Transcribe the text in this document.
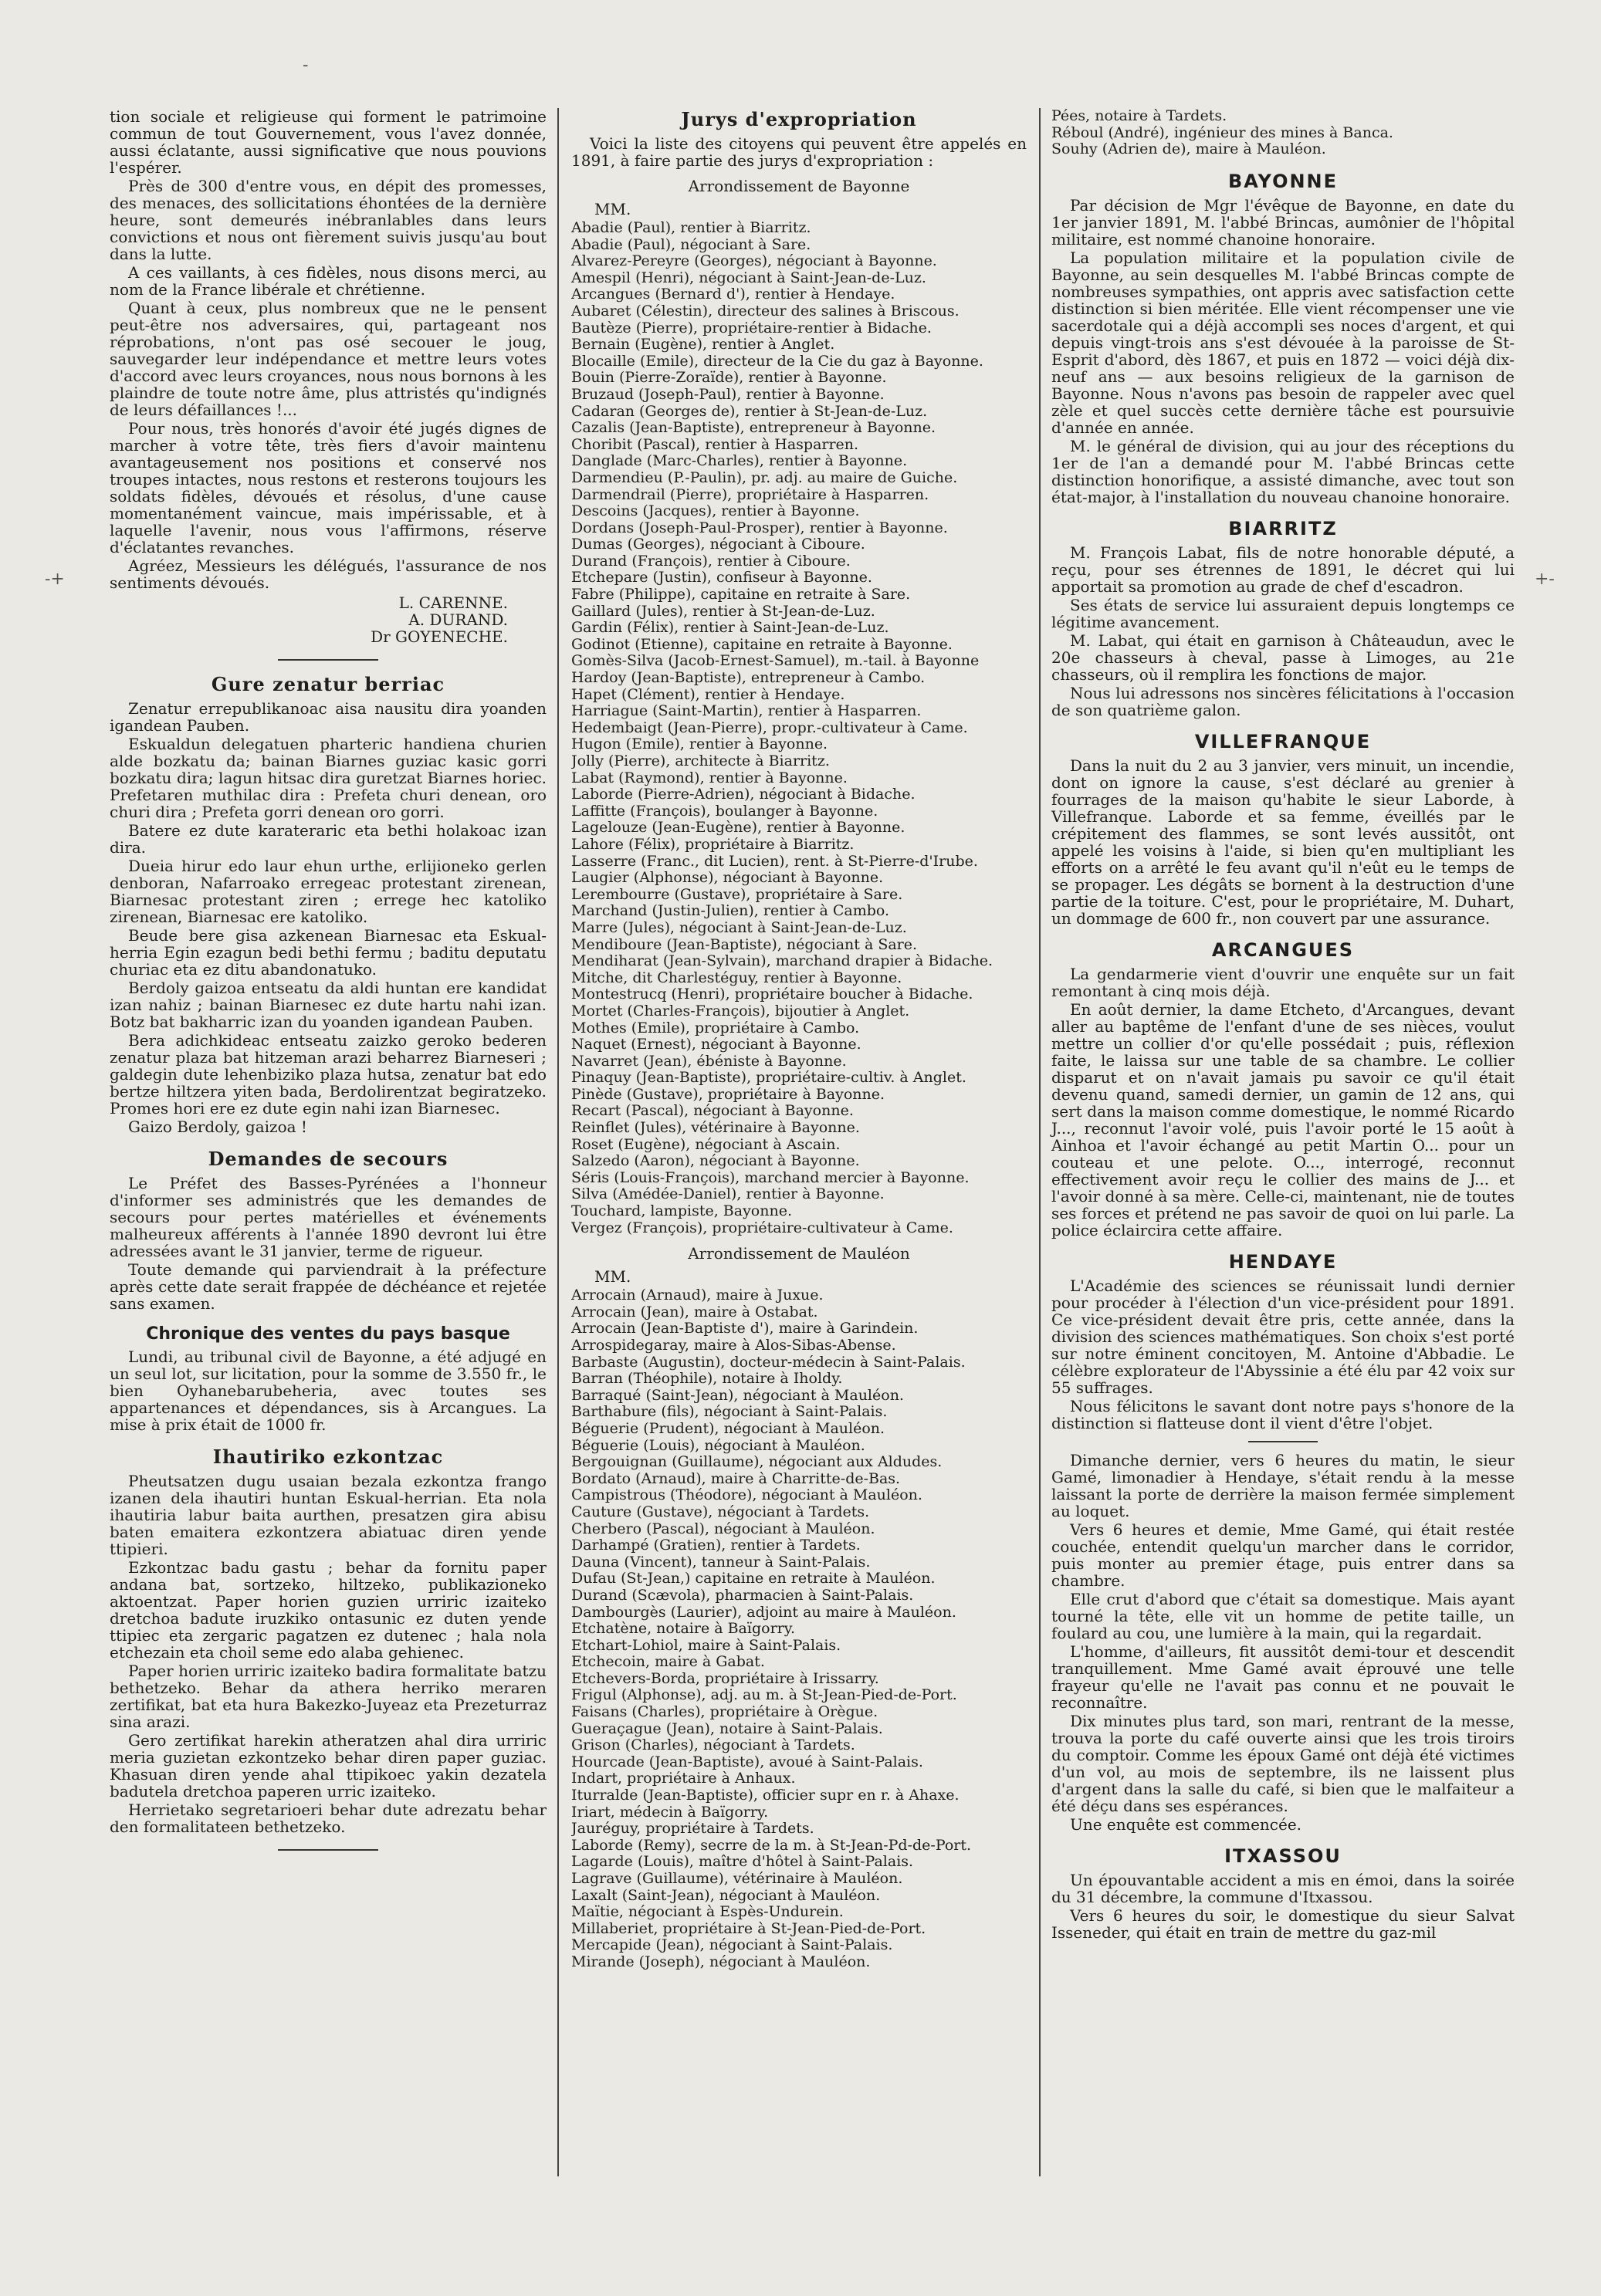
-
-+	+-

tion sociale et religieuse qui forment le patrimoine commun de tout Gouvernement, vous l'avez donnée, aussi éclatante, aussi significative que nous pouvions l'espérer.

Près de 300 d'entre vous, en dépit des promesses, des menaces, des sollicitations éhontées de la dernière heure, sont demeurés inébranlables dans leurs convictions et nous ont fièrement suivis jusqu'au bout dans la lutte.

A ces vaillants, à ces fidèles, nous disons merci, au nom de la France libérale et chrétienne.

Quant à ceux, plus nombreux que ne le pensent peut-être nos adversaires, qui, partageant nos réprobations, n'ont pas osé secouer le joug, sauvegarder leur indépendance et mettre leurs votes d'accord avec leurs croyances, nous nous bornons à les plaindre de toute notre âme, plus attristés qu'indignés de leurs défaillances !...

Pour nous, très honorés d'avoir été jugés dignes de marcher à votre tête, très fiers d'avoir maintenu avantageusement nos positions et conservé nos troupes intactes, nous restons et resterons toujours les soldats fidèles, dévoués et résolus, d'une cause momentanément vaincue, mais impérissable, et à laquelle l'avenir, nous vous l'affirmons, réserve d'éclatantes revanches.

Agréez, Messieurs les délégués, l'assurance de nos sentiments dévoués.

L. CARENNE.
A. DURAND.
Dr GOYENECHE.
Gure zenatur berriac

Zenatur errepublikanoac aisa nausitu dira yoanden igandean Pauben.

Eskualdun delegatuen pharteric handiena churien alde bozkatu da; bainan Biarnes guziac kasic gorri bozkatu dira; lagun hitsac dira guretzat Biarnes horiec. Prefetaren muthilac dira : Prefeta churi denean, oro churi dira ; Prefeta gorri denean oro gorri.

Batere ez dute karateraric eta bethi holakoac izan dira.

Dueia hirur edo laur ehun urthe, erlijioneko gerlen denboran, Nafarroako erregeac protestant zirenean, Biarnesac protestant ziren ; errege hec katoliko zirenean, Biarnesac ere katoliko.

Beude bere gisa azkenean Biarnesac eta Eskual-herria Egin ezagun bedi bethi fermu ; baditu deputatu churiac eta ez ditu abandonatuko.

Berdoly gaizoa entseatu da aldi huntan ere kandidat izan nahiz ; bainan Biarnesec ez dute hartu nahi izan. Botz bat bakharric izan du yoanden igandean Pauben.

Bera adichkideac entseatu zaizko geroko bederen zenatur plaza bat hitzeman arazi beharrez Biarneseri ; galdegin dute lehenbiziko plaza hutsa, zenatur bat edo bertze hiltzera yiten bada, Berdolirentzat begiratzeko. Promes hori ere ez dute egin nahi izan Biarnesec.

Gaizo Berdoly, gaizoa !

Demandes de secours

Le Préfet des Basses-Pyrénées a l'honneur d'informer ses administrés que les demandes de secours pour pertes matérielles et événements malheureux afférents à l'année 1890 devront lui être adressées avant le 31 janvier, terme de rigueur.

Toute demande qui parviendrait à la préfecture après cette date serait frappée de déchéance et rejetée sans examen.

Chronique des ventes du pays basque

Lundi, au tribunal civil de Bayonne, a été adjugé en un seul lot, sur licitation, pour la somme de 3.550 fr., le bien Oyhanebarubeheria, avec toutes ses appartenances et dépendances, sis à Arcangues. La mise à prix était de 1000 fr.

Ihautiriko ezkontzac

Pheutsatzen dugu usaian bezala ezkontza frango izanen dela ihautiri huntan Eskual-herrian. Eta nola ihautiria labur baita aurthen, presatzen gira abisu baten emaitera ezkontzera abiatuac diren yende ttipieri.

Ezkontzac badu gastu ; behar da fornitu paper andana bat, sortzeko, hiltzeko, publikazioneko aktoentzat. Paper horien guzien urriric izaiteko dretchoa badute iruzkiko ontasunic ez duten yende ttipiec eta zergaric pagatzen ez dutenec ; hala nola etchezain eta choil seme edo alaba gehienec.

Paper horien urriric izaiteko badira formalitate batzu bethetzeko. Behar da athera herriko meraren zertifikat, bat eta hura Bakezko-Juyeaz eta Prezeturraz sina arazi.

Gero zertifikat harekin atheratzen ahal dira urriric meria guzietan ezkontzeko behar diren paper guziac. Khasuan diren yende ahal ttipikoec yakin dezatela badutela dretchoa paperen urric izaiteko.

Herrietako segretarioeri behar dute adrezatu behar den formalitateen bethetzeko.

Jurys d'expropriation

Voici la liste des citoyens qui peuvent être appelés en 1891, à faire partie des jurys d'expropriation :

Arrondissement de Bayonne
MM.
Abadie (Paul), rentier à Biarritz.
Abadie (Paul), négociant à Sare.
Alvarez-Pereyre (Georges), négociant à Bayonne.
Amespil (Henri), négociant à Saint-Jean-de-Luz.
Arcangues (Bernard d'), rentier à Hendaye.
Aubaret (Célestin), directeur des salines à Briscous.
Bautèze (Pierre), propriétaire-rentier à Bidache.
Bernain (Eugène), rentier à Anglet.
Blocaille (Emile), directeur de la Cie du gaz à Bayonne.
Bouin (Pierre-Zoraïde), rentier à Bayonne.
Bruzaud (Joseph-Paul), rentier à Bayonne.
Cadaran (Georges de), rentier à St-Jean-de-Luz.
Cazalis (Jean-Baptiste), entrepreneur à Bayonne.
Choribit (Pascal), rentier à Hasparren.
Danglade (Marc-Charles), rentier à Bayonne.
Darmendieu (P.-Paulin), pr. adj. au maire de Guiche.
Darmendrail (Pierre), propriétaire à Hasparren.
Descoins (Jacques), rentier à Bayonne.
Dordans (Joseph-Paul-Prosper), rentier à Bayonne.
Dumas (Georges), négociant à Ciboure.
Durand (François), rentier à Ciboure.
Etchepare (Justin), confiseur à Bayonne.
Fabre (Philippe), capitaine en retraite à Sare.
Gaillard (Jules), rentier à St-Jean-de-Luz.
Gardin (Félix), rentier à Saint-Jean-de-Luz.
Godinot (Etienne), capitaine en retraite à Bayonne.
Gomès-Silva (Jacob-Ernest-Samuel), m.-tail. à Bayonne
Hardoy (Jean-Baptiste), entrepreneur à Cambo.
Hapet (Clément), rentier à Hendaye.
Harriague (Saint-Martin), rentier à Hasparren.
Hedembaigt (Jean-Pierre), propr.-cultivateur à Came.
Hugon (Emile), rentier à Bayonne.
Jolly (Pierre), architecte à Biarritz.
Labat (Raymond), rentier à Bayonne.
Laborde (Pierre-Adrien), négociant à Bidache.
Laffitte (François), boulanger à Bayonne.
Lagelouze (Jean-Eugène), rentier à Bayonne.
Lahore (Félix), propriétaire à Biarritz.
Lasserre (Franc., dit Lucien), rent. à St-Pierre-d'Irube.
Laugier (Alphonse), négociant à Bayonne.
Lerembourre (Gustave), propriétaire à Sare.
Marchand (Justin-Julien), rentier à Cambo.
Marre (Jules), négociant à Saint-Jean-de-Luz.
Mendiboure (Jean-Baptiste), négociant à Sare.
Mendiharat (Jean-Sylvain), marchand drapier à Bidache.
Mitche, dit Charlestéguy, rentier à Bayonne.
Montestrucq (Henri), propriétaire boucher à Bidache.
Mortet (Charles-François), bijoutier à Anglet.
Mothes (Emile), propriétaire à Cambo.
Naquet (Ernest), négociant à Bayonne.
Navarret (Jean), ébéniste à Bayonne.
Pinaquy (Jean-Baptiste), propriétaire-cultiv. à Anglet.
Pinède (Gustave), propriétaire à Bayonne.
Recart (Pascal), négociant à Bayonne.
Reinflet (Jules), vétérinaire à Bayonne.
Roset (Eugène), négociant à Ascain.
Salzedo (Aaron), négociant à Bayonne.
Séris (Louis-François), marchand mercier à Bayonne.
Silva (Amédée-Daniel), rentier à Bayonne.
Touchard, lampiste, Bayonne.
Vergez (François), propriétaire-cultivateur à Came.
Arrondissement de Mauléon
MM.
Arrocain (Arnaud), maire à Juxue.
Arrocain (Jean), maire à Ostabat.
Arrocain (Jean-Baptiste d'), maire à Garindein.
Arrospidegaray, maire à Alos-Sibas-Abense.
Barbaste (Augustin), docteur-médecin à Saint-Palais.
Barran (Théophile), notaire à Iholdy.
Barraqué (Saint-Jean), négociant à Mauléon.
Barthabure (fils), négociant à Saint-Palais.
Béguerie (Prudent), négociant à Mauléon.
Béguerie (Louis), négociant à Mauléon.
Bergouignan (Guillaume), négociant aux Aldudes.
Bordato (Arnaud), maire à Charritte-de-Bas.
Campistrous (Théodore), négociant à Mauléon.
Cauture (Gustave), négociant à Tardets.
Cherbero (Pascal), négociant à Mauléon.
Darhampé (Gratien), rentier à Tardets.
Dauna (Vincent), tanneur à Saint-Palais.
Dufau (St-Jean,) capitaine en retraite à Mauléon.
Durand (Scævola), pharmacien à Saint-Palais.
Dambourgès (Laurier), adjoint au maire à Mauléon.
Etchatène, notaire à Baïgorry.
Etchart-Lohiol, maire à Saint-Palais.
Etchecoin, maire à Gabat.
Etchevers-Borda, propriétaire à Irissarry.
Frigul (Alphonse), adj. au m. à St-Jean-Pied-de-Port.
Faisans (Charles), propriétaire à Orègue.
Gueraçague (Jean), notaire à Saint-Palais.
Grison (Charles), négociant à Tardets.
Hourcade (Jean-Baptiste), avoué à Saint-Palais.
Indart, propriétaire à Anhaux.
Iturralde (Jean-Baptiste), officier supr en r. à Ahaxe.
Iriart, médecin à Baïgorry.
Jauréguy, propriétaire à Tardets.
Laborde (Remy), secrre de la m. à St-Jean-Pd-de-Port.
Lagarde (Louis), maître d'hôtel à Saint-Palais.
Lagrave (Guillaume), vétérinaire à Mauléon.
Laxalt (Saint-Jean), négociant à Mauléon.
Maïtie, négociant à Espès-Undurein.
Millaberiet, propriétaire à St-Jean-Pied-de-Port.
Mercapide (Jean), négociant à Saint-Palais.
Mirande (Joseph), négociant à Mauléon.
Pées, notaire à Tardets.
Réboul (André), ingénieur des mines à Banca.
Souhy (Adrien de), maire à Mauléon.
BAYONNE

Par décision de Mgr l'évêque de Bayonne, en date du 1er janvier 1891, M. l'abbé Brincas, aumônier de l'hôpital militaire, est nommé chanoine honoraire.

La population militaire et la population civile de Bayonne, au sein desquelles M. l'abbé Brincas compte de nombreuses sympathies, ont appris avec satisfaction cette distinction si bien méritée. Elle vient récompenser une vie sacerdotale qui a déjà accompli ses noces d'argent, et qui depuis vingt-trois ans s'est dévouée à la paroisse de St-Esprit d'abord, dès 1867, et puis en 1872 — voici déjà dix-neuf ans — aux besoins religieux de la garnison de Bayonne. Nous n'avons pas besoin de rappeler avec quel zèle et quel succès cette dernière tâche est poursuivie d'année en année.

M. le général de division, qui au jour des réceptions du 1er de l'an a demandé pour M. l'abbé Brincas cette distinction honorifique, a assisté dimanche, avec tout son état-major, à l'installation du nouveau chanoine honoraire.

BIARRITZ

M. François Labat, fils de notre honorable député, a reçu, pour ses étrennes de 1891, le décret qui lui apportait sa promotion au grade de chef d'escadron.

Ses états de service lui assuraient depuis longtemps ce légitime avancement.

M. Labat, qui était en garnison à Châteaudun, avec le 20e chasseurs à cheval, passe à Limoges, au 21e chasseurs, où il remplira les fonctions de major.

Nous lui adressons nos sincères félicitations à l'occasion de son quatrième galon.

VILLEFRANQUE

Dans la nuit du 2 au 3 janvier, vers minuit, un incendie, dont on ignore la cause, s'est déclaré au grenier à fourrages de la maison qu'habite le sieur Laborde, à Villefranque. Laborde et sa femme, éveillés par le crépitement des flammes, se sont levés aussitôt, ont appelé les voisins à l'aide, si bien qu'en multipliant les efforts on a arrêté le feu avant qu'il n'eût eu le temps de se propager. Les dégâts se bornent à la destruction d'une partie de la toiture. C'est, pour le propriétaire, M. Duhart, un dommage de 600 fr., non couvert par une assurance.

ARCANGUES

La gendarmerie vient d'ouvrir une enquête sur un fait remontant à cinq mois déjà.

En août dernier, la dame Etcheto, d'Arcangues, devant aller au baptême de l'enfant d'une de ses nièces, voulut mettre un collier d'or qu'elle possédait ; puis, réflexion faite, le laissa sur une table de sa chambre. Le collier disparut et on n'avait jamais pu savoir ce qu'il était devenu quand, samedi dernier, un gamin de 12 ans, qui sert dans la maison comme domestique, le nommé Ricardo J..., reconnut l'avoir volé, puis l'avoir porté le 15 août à Ainhoa et l'avoir échangé au petit Martin O... pour un couteau et une pelote. O..., interrogé, reconnut effectivement avoir reçu le collier des mains de J... et l'avoir donné à sa mère. Celle-ci, maintenant, nie de toutes ses forces et prétend ne pas savoir de quoi on lui parle. La police éclaircira cette affaire.

HENDAYE

L'Académie des sciences se réunissait lundi dernier pour procéder à l'élection d'un vice-président pour 1891. Ce vice-président devait être pris, cette année, dans la division des sciences mathématiques. Son choix s'est porté sur notre éminent concitoyen, M. Antoine d'Abbadie. Le célèbre explorateur de l'Abyssinie a été élu par 42 voix sur 55 suffrages.

Nous félicitons le savant dont notre pays s'honore de la distinction si flatteuse dont il vient d'être l'objet.

Dimanche dernier, vers 6 heures du matin, le sieur Gamé, limonadier à Hendaye, s'était rendu à la messe laissant la porte de derrière la maison fermée simplement au loquet.

Vers 6 heures et demie, Mme Gamé, qui était restée couchée, entendit quelqu'un marcher dans le corridor, puis monter au premier étage, puis entrer dans sa chambre.

Elle crut d'abord que c'était sa domestique. Mais ayant tourné la tête, elle vit un homme de petite taille, un foulard au cou, une lumière à la main, qui la regardait.

L'homme, d'ailleurs, fit aussitôt demi-tour et descendit tranquillement. Mme Gamé avait éprouvé une telle frayeur qu'elle ne l'avait pas connu et ne pouvait le reconnaître.

Dix minutes plus tard, son mari, rentrant de la messe, trouva la porte du café ouverte ainsi que les trois tiroirs du comptoir. Comme les époux Gamé ont déjà été victimes d'un vol, au mois de septembre, ils ne laissent plus d'argent dans la salle du café, si bien que le malfaiteur a été déçu dans ses espérances.

Une enquête est commencée.

ITXASSOU

Un épouvantable accident a mis en émoi, dans la soirée du 31 décembre, la commune d'Itxassou.

Vers 6 heures du soir, le domestique du sieur Salvat Isseneder, qui était en train de mettre du gaz-mil
